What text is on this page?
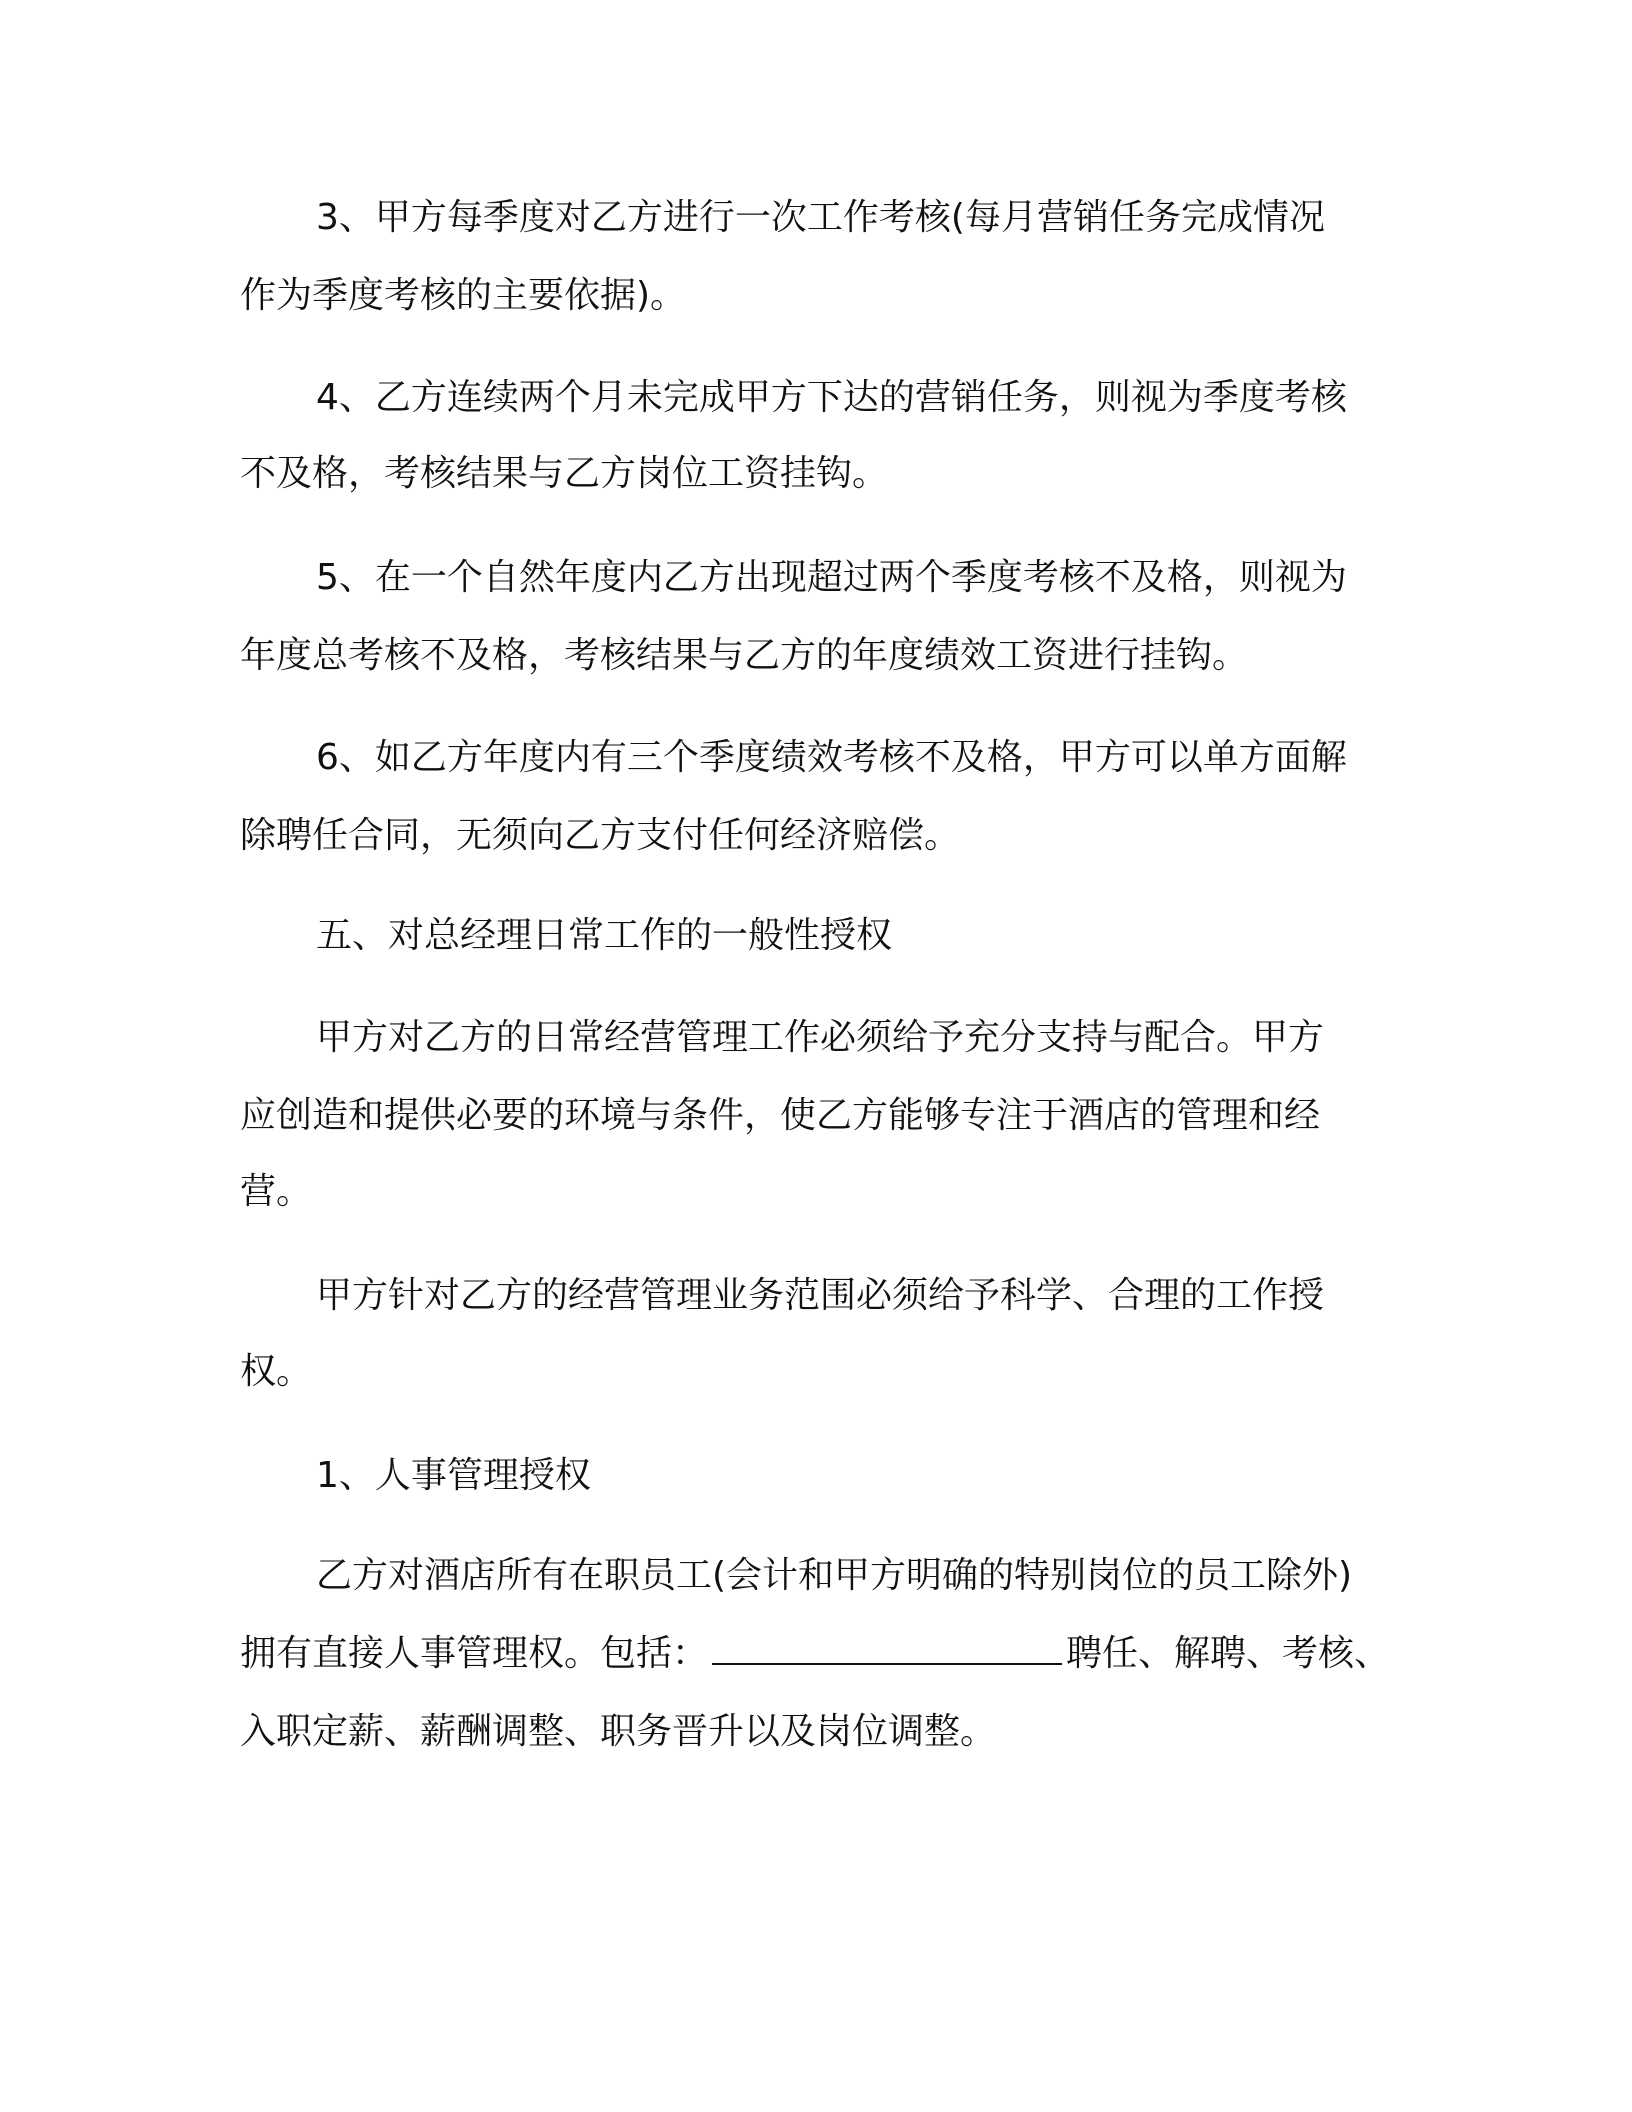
3、甲方每季度对乙方进行一次工作考核(每月营销任务完成情况

作为季度考核的主要依据)。

4、乙方连续两个月未完成甲方下达的营销任务，则视为季度考核

不及格，考核结果与乙方岗位工资挂钩。

5、在一个自然年度内乙方出现超过两个季度考核不及格，则视为

年度总考核不及格，考核结果与乙方的年度绩效工资进行挂钩。

6、如乙方年度内有三个季度绩效考核不及格，甲方可以单方面解

除聘任合同，无须向乙方支付任何经济赔偿。

五、对总经理日常工作的一般性授权

甲方对乙方的日常经营管理工作必须给予充分支持与配合。甲方

应创造和提供必要的环境与条件，使乙方能够专注于酒店的管理和经

营。

甲方针对乙方的经营管理业务范围必须给予科学、合理的工作授

权。

1、人事管理授权

乙方对酒店所有在职员工(会计和甲方明确的特别岗位的员工除外)

拥有直接人事管理权。包括：	聘任、解聘、考核、

入职定薪、薪酬调整、职务晋升以及岗位调整。
